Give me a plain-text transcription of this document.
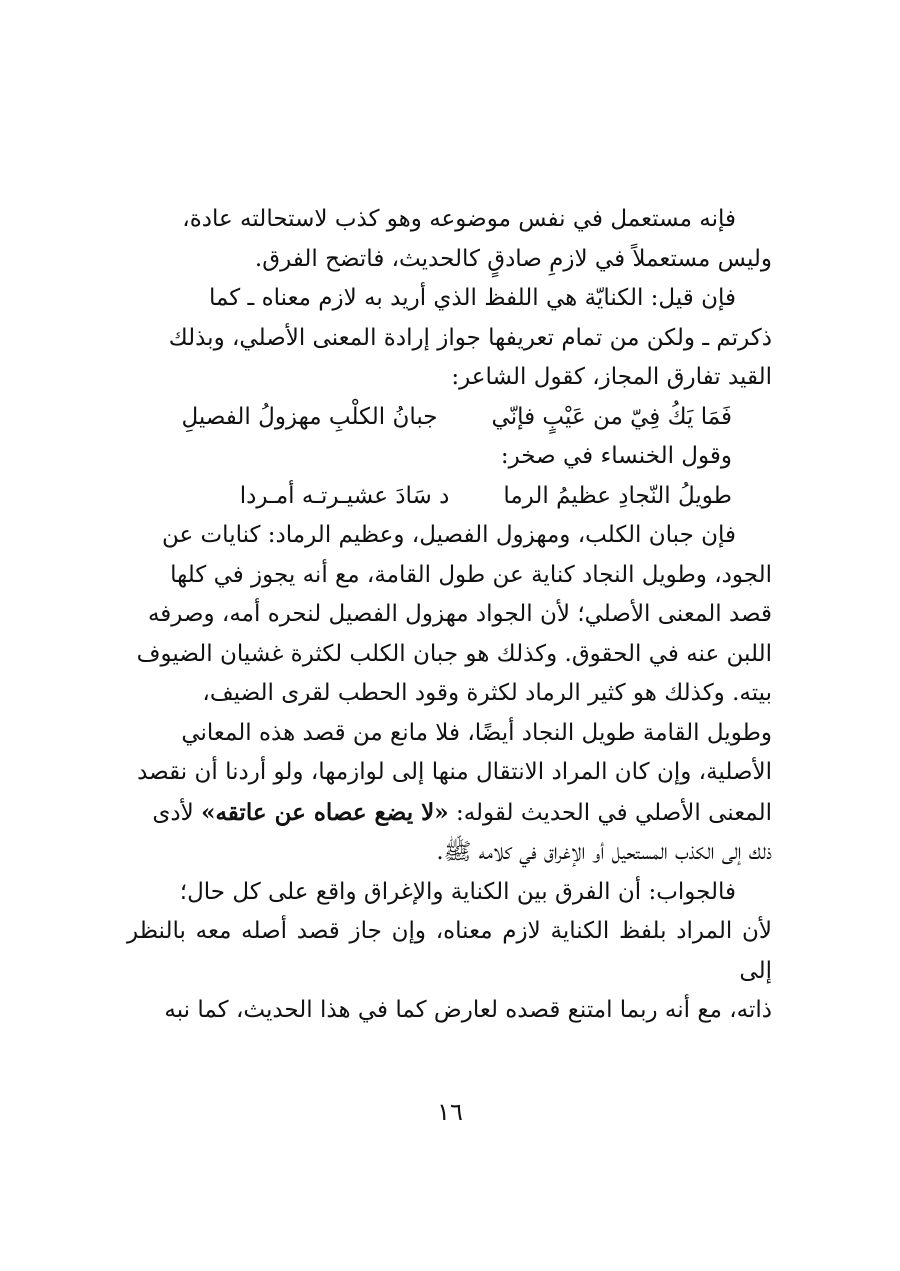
فإنه مستعمل في نفس موضوعه وهو كذب لاستحالته عادة،
وليس مستعملاً في لازمِ صادقٍ كالحديث، فاتضح الفرق.
فإن قيل: الكنايّة هي اللفظ الذي أريد به لازم معناه ـ كما
ذكرتم ـ ولكن من تمام تعريفها جواز إرادة المعنى الأصلي، وبذلك
القيد تفارق المجاز، كقول الشاعر:
فَمَا يَكُ فِيّ من عَيْبٍ فإنّي
جبانُ الكلْبِ مهزولُ الفصيلِ
وقول الخنساء في صخر:
طويلُ النّجادِ عظيمُ الرما
د سَادَ عشيـرتـه أمـردا
فإن جبان الكلب، ومهزول الفصيل، وعظيم الرماد: كنايات عن
الجود، وطويل النجاد كناية عن طول القامة، مع أنه يجوز في كلها
قصد المعنى الأصلي؛ لأن الجواد مهزول الفصيل لنحره أمه، وصرفه
اللبن عنه في الحقوق. وكذلك هو جبان الكلب لكثرة غشيان الضيوف
بيته. وكذلك هو كثير الرماد لكثرة وقود الحطب لقرى الضيف،
وطويل القامة طويل النجاد أيضًا، فلا مانع من قصد هذه المعاني
الأصلية، وإن كان المراد الانتقال منها إلى لوازمها، ولو أردنا أن نقصد
المعنى الأصلي في الحديث لقوله: «لا يضع عصاه عن عاتقه» لأدى
ذلك إلى الكذب المستحيل أو الإغراق في كلامه ﷺ.
فالجواب: أن الفرق بين الكناية والإغراق واقع على كل حال؛
لأن المراد بلفظ الكناية لازم معناه، وإن جاز قصد أصله معه بالنظر إلى
ذاته، مع أنه ربما امتنع قصده لعارض كما في هذا الحديث، كما نبه
١٦
